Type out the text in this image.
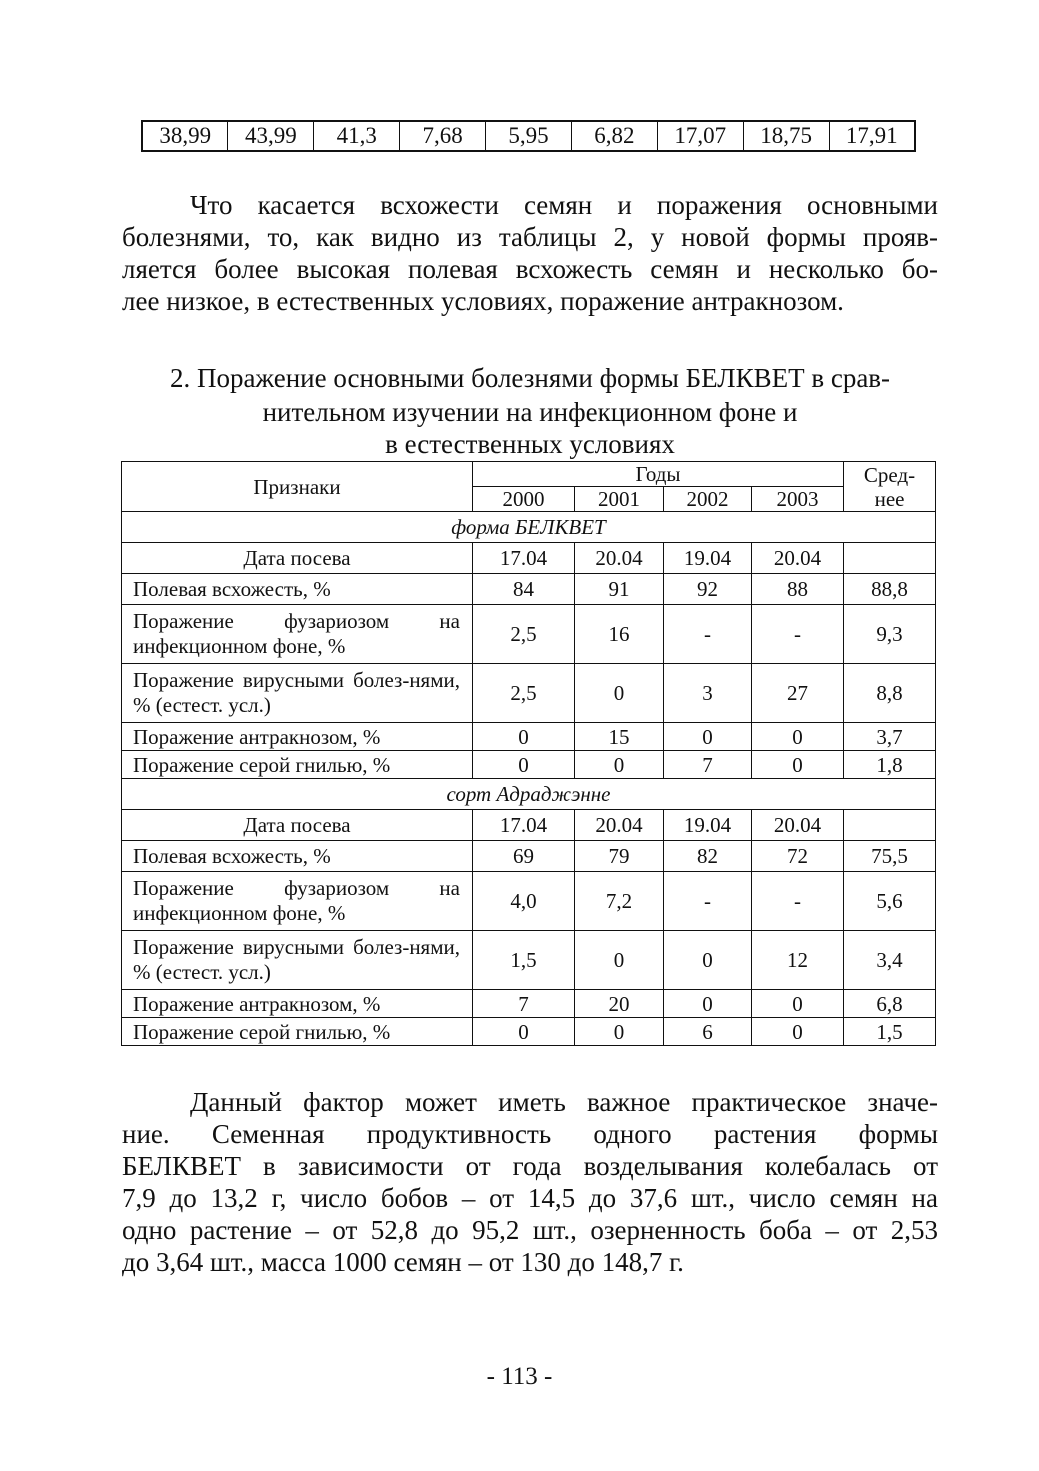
38,99	43,99	41,3	7,68	5,95	6,82	17,07	18,75	17,91
Что касается всхожести семян и поражения основными
болезнями, то, как видно из таблицы 2, у новой формы прояв-
ляется более высокая полевая всхожесть семян и несколько бо-
лее низкое, в естественных условиях, поражение антракнозом.
2. Поражение основными болезнями формы БЕЛКВЕТ в срав-
нительном изучении на инфекционном фоне и
в естественных условиях
Признаки	Годы				Сред-
нее
	2000	2001	2002	2003	
форма БЕЛКВЕТ					
Дата посева	17.04	20.04	19.04	20.04	
Полевая всхожесть, %	84	91	92	88	88,8
Поражение фузариозом на инфекционном фоне, %	2,5	16	-	-	9,3
Поражение вирусными болез-нями, % (естест. усл.)	2,5	0	3	27	8,8
Поражение антракнозом, %	0	15	0	0	3,7
Поражение серой гнилью, %	0	0	7	0	1,8
сорт Адраджэнне					
Дата посева	17.04	20.04	19.04	20.04	
Полевая всхожесть, %	69	79	82	72	75,5
Поражение фузариозом на инфекционном фоне, %	4,0	7,2	-	-	5,6
Поражение вирусными болез-нями, % (естест. усл.)	1,5	0	0	12	3,4
Поражение антракнозом, %	7	20	0	0	6,8
Поражение серой гнилью, %	0	0	6	0	1,5
Данный фактор может иметь важное практическое значе-
ние. Семенная продуктивность одного растения формы
БЕЛКВЕТ в зависимости от года возделывания колебалась от
7,9 до 13,2 г, число бобов – от 14,5 до 37,6 шт., число семян на
одно растение – от 52,8 до 95,2 шт., озерненность боба – от 2,53
до 3,64 шт., масса 1000 семян – от 130 до 148,7 г.
- 113 -
